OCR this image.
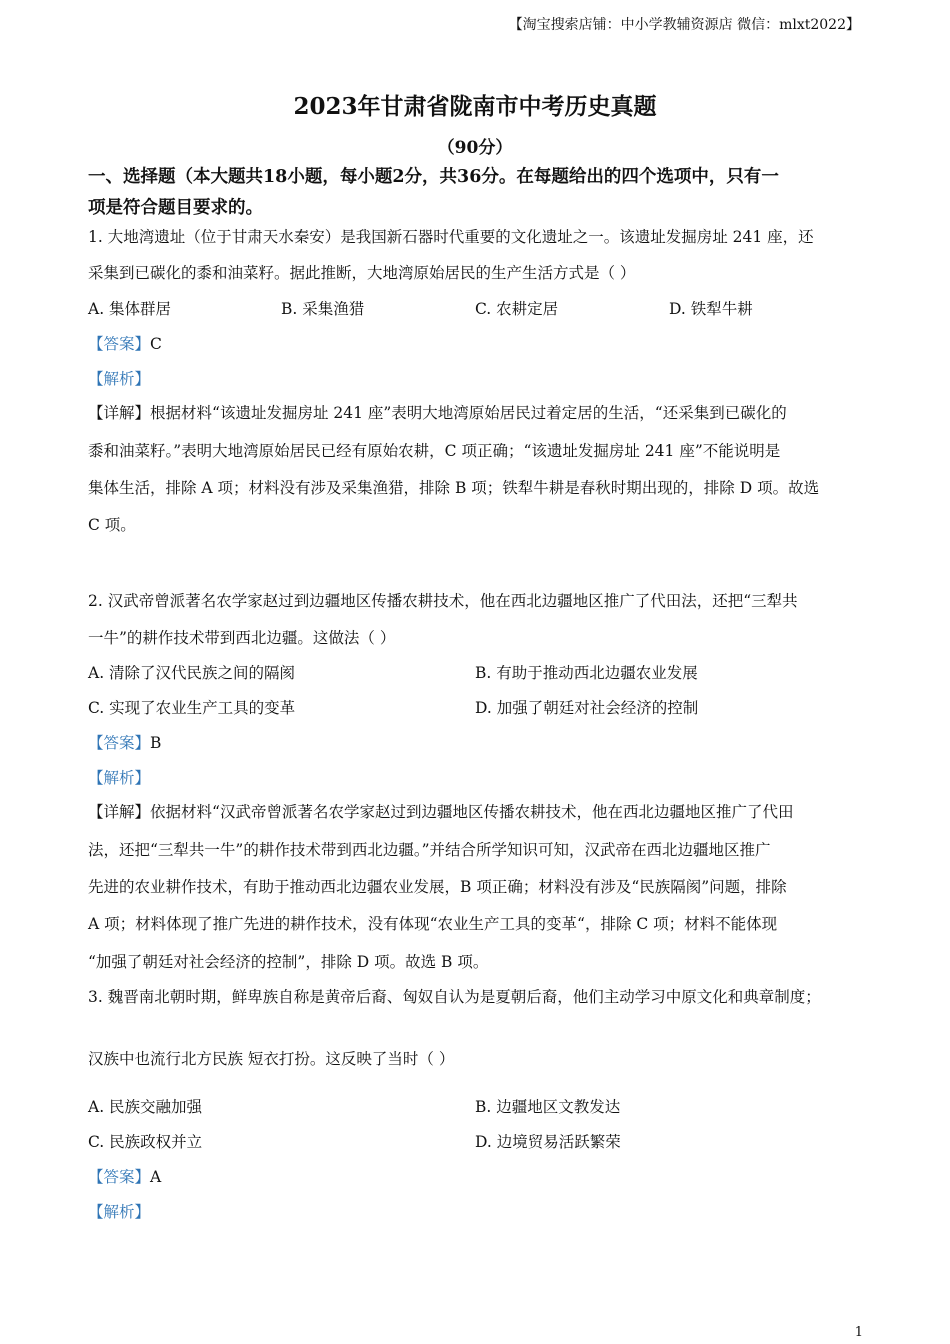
【淘宝搜索店铺：中小学教辅资源店 微信：mlxt2022】
2023年甘肃省陇南市中考历史真题
（90分）
一、选择题（本大题共18小题，每小题2分，共36分。在每题给出的四个选项中，只有一
项是符合题目要求的。
1. 大地湾遗址（位于甘肃天水秦安）是我国新石器时代重要的文化遗址之一。该遗址发掘房址 241 座，还
采集到已碳化的黍和油菜籽。据此推断，大地湾原始居民的生产生活方式是（ ）
A. 集体群居	B. 采集渔猎	C. 农耕定居	D. 铁犁牛耕
【答案】C
【解析】
【详解】根据材料“该遗址发掘房址 241 座”表明大地湾原始居民过着定居的生活，“还采集到已碳化的
黍和油菜籽。”表明大地湾原始居民已经有原始农耕，C 项正确；“该遗址发掘房址 241 座”不能说明是
集体生活，排除 A 项；材料没有涉及采集渔猎，排除 B 项；铁犁牛耕是春秋时期出现的，排除 D 项。故选
C 项。
2. 汉武帝曾派著名农学家赵过到边疆地区传播农耕技术，他在西北边疆地区推广了代田法，还把“三犁共
一牛”的耕作技术带到西北边疆。这做法（ ）
A. 清除了汉代民族之间的隔阂	B. 有助于推动西北边疆农业发展
C. 实现了农业生产工具的变革	D. 加强了朝廷对社会经济的控制
【答案】B
【解析】
【详解】依据材料“汉武帝曾派著名农学家赵过到边疆地区传播农耕技术，他在西北边疆地区推广了代田
法，还把“三犁共一牛”的耕作技术带到西北边疆。”并结合所学知识可知，汉武帝在西北边疆地区推广
先进的农业耕作技术，有助于推动西北边疆农业发展，B 项正确；材料没有涉及“民族隔阂”问题，排除
A 项；材料体现了推广先进的耕作技术，没有体现“农业生产工具的变革“，排除 C 项；材料不能体现
“加强了朝廷对社会经济的控制”，排除 D 项。故选 B 项。
3. 魏晋南北朝时期，鲜卑族自称是黄帝后裔、匈奴自认为是夏朝后裔，他们主动学习中原文化和典章制度；
汉族中也流行北方民族 短衣打扮。这反映了当时（ ）
A. 民族交融加强	B. 边疆地区文教发达
C. 民族政权并立	D. 边境贸易活跃繁荣
【答案】A
【解析】
1
